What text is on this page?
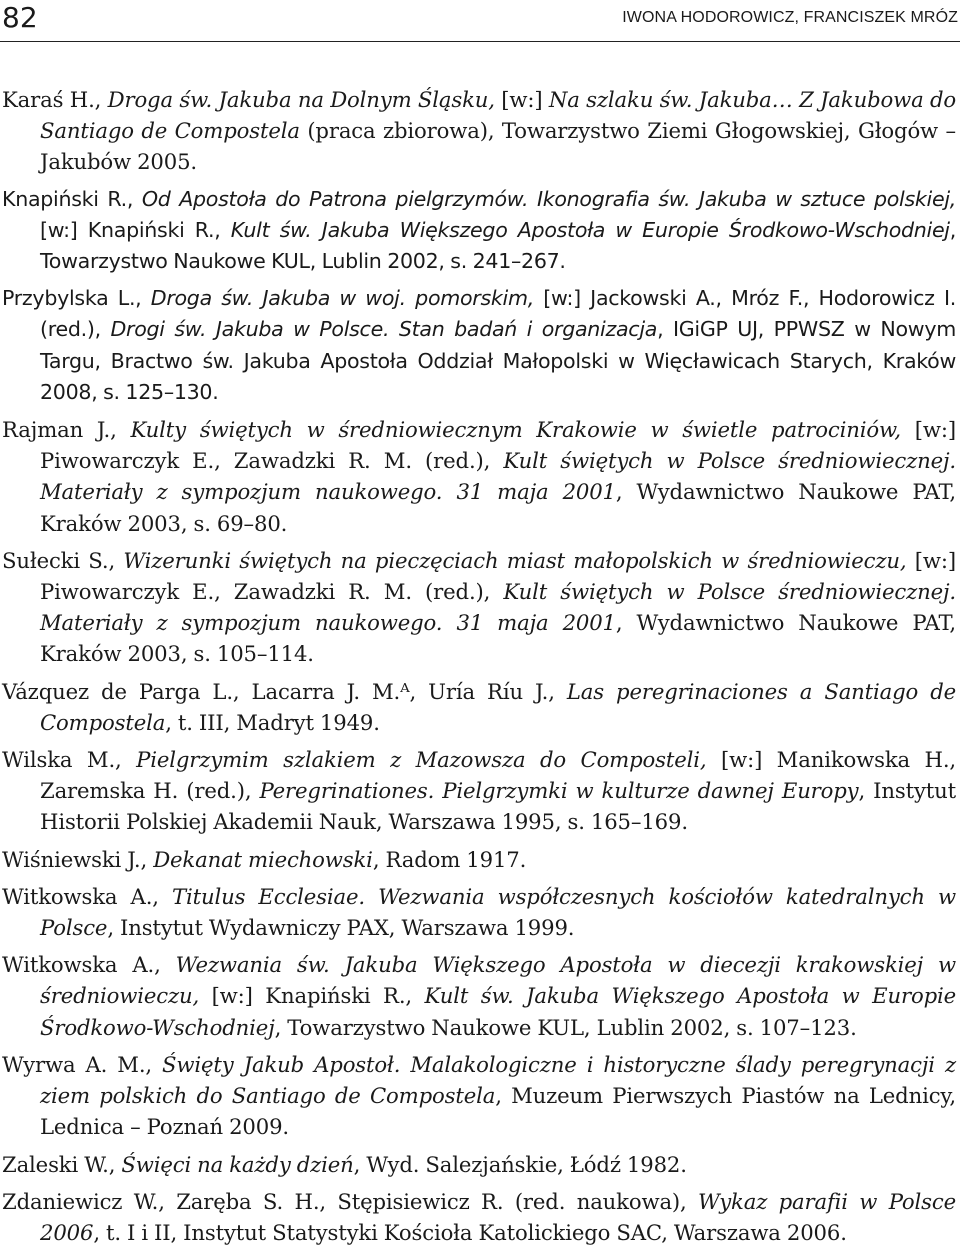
82	IWONA HODOROWICZ, FRANCISZEK MRÓZ

Karaś H., Droga św. Jakuba na Dolnym Śląsku, [w:] Na szlaku św. Jakuba… Z Jakubowa do Santiago de Compostela (praca zbiorowa), Towarzystwo Ziemi Głogowskiej, Głogów – Jakubów 2005.

Knapiński R., Od Apostoła do Patrona pielgrzymów. Ikonografia św. Jakuba w sztuce polskiej, [w:] Knapiński R., Kult św. Jakuba Większego Apostoła w Europie Środkowo-Wschodniej, Towarzystwo Naukowe KUL, Lublin 2002, s. 241–267.

Przybylska L., Droga św. Jakuba w woj. pomorskim, [w:] Jackowski A., Mróz F., Hodorowicz I. (red.), Drogi św. Jakuba w Polsce. Stan badań i organizacja, IGiGP UJ, PPWSZ w Nowym Targu, Bractwo św. Jakuba Apostoła Oddział Małopolski w Więcławicach Starych, Kraków 2008, s. 125–130.

Rajman J., Kulty świętych w średniowiecznym Krakowie w świetle patrociniów, [w:] Piwowarczyk E., Zawadzki R. M. (red.), Kult świętych w Polsce średniowiecznej. Materiały z sympozjum naukowego. 31 maja 2001, Wydawnictwo Naukowe PAT, Kraków 2003, s. 69–80.

Sułecki S., Wizerunki świętych na pieczęciach miast małopolskich w średniowieczu, [w:] Piwowarczyk E., Zawadzki R. M. (red.), Kult świętych w Polsce średniowiecznej. Materiały z sympozjum naukowego. 31 maja 2001, Wydawnictwo Naukowe PAT, Kraków 2003, s. 105–114.

Vázquez de Parga L., Lacarra J. M.ᴬ, Uría Ríu J., Las peregrinaciones a Santiago de Compostela, t. III, Madryt 1949.

Wilska M., Pielgrzymim szlakiem z Mazowsza do Composteli, [w:] Manikowska H., Zaremska H. (red.), Peregrinationes. Pielgrzymki w kulturze dawnej Europy, Instytut Historii Polskiej Akademii Nauk, Warszawa 1995, s. 165–169.

Wiśniewski J., Dekanat miechowski, Radom 1917.

Witkowska A., Titulus Ecclesiae. Wezwania współczesnych kościołów katedralnych w Polsce, Instytut Wydawniczy PAX, Warszawa 1999.

Witkowska A., Wezwania św. Jakuba Większego Apostoła w diecezji krakowskiej w średniowieczu, [w:] Knapiński R., Kult św. Jakuba Większego Apostoła w Europie Środkowo-Wschodniej, Towarzystwo Naukowe KUL, Lublin 2002, s. 107–123.

Wyrwa A. M., Święty Jakub Apostoł. Malakologiczne i historyczne ślady peregrynacji z ziem polskich do Santiago de Compostela, Muzeum Pierwszych Piastów na Lednicy, Lednica – Poznań 2009.

Zaleski W., Święci na każdy dzień, Wyd. Salezjańskie, Łódź 1982.

Zdaniewicz W., Zaręba S. H., Stępisiewicz R. (red. naukowa), Wykaz parafii w Polsce 2006, t. I i II, Instytut Statystyki Kościoła Katolickiego SAC, Warszawa 2006.
